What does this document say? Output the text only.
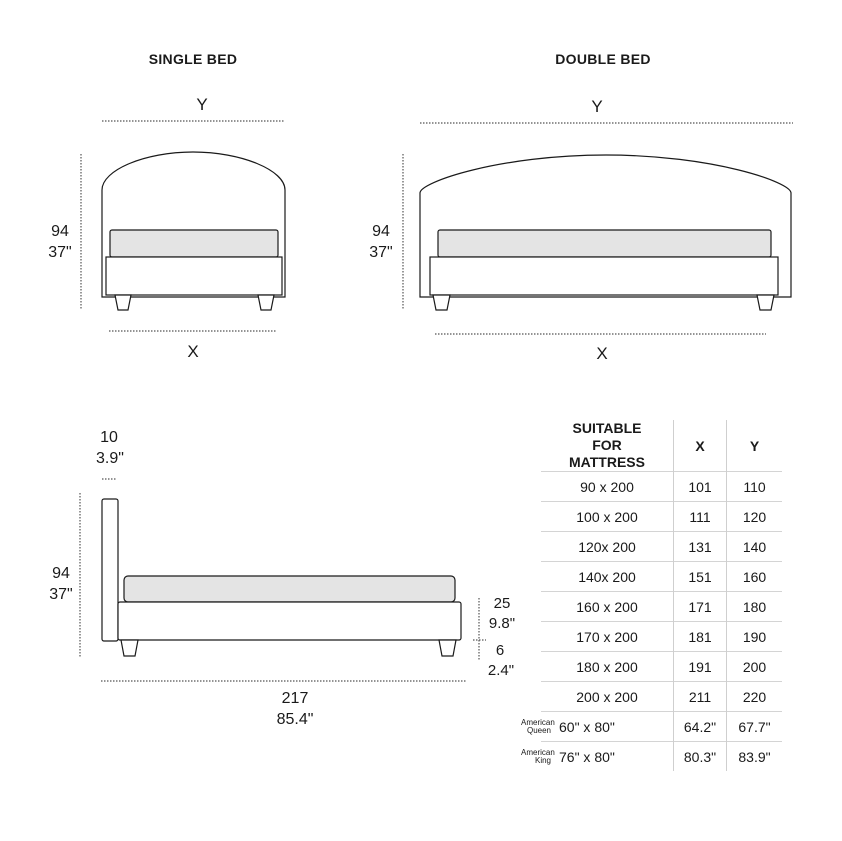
SINGLE BED
Y
94
37"
X
DOUBLE BED
Y
94
37"
X
10
3.9"
94
37"
25
9.8"
6
2.4"
217
85.4"
SUITABLE FOR MATTRESS	X	Y
90 x 200	101	110
100 x 200	111	120
120x 200	131	140
140x 200	151	160
160 x 200	171	180
170 x 200	181	190
180 x 200	191	200
200 x 200	211	220
American
Queen 60" x 80"	64.2"	67.7"
American
King 76" x 80"	80.3"	83.9"
